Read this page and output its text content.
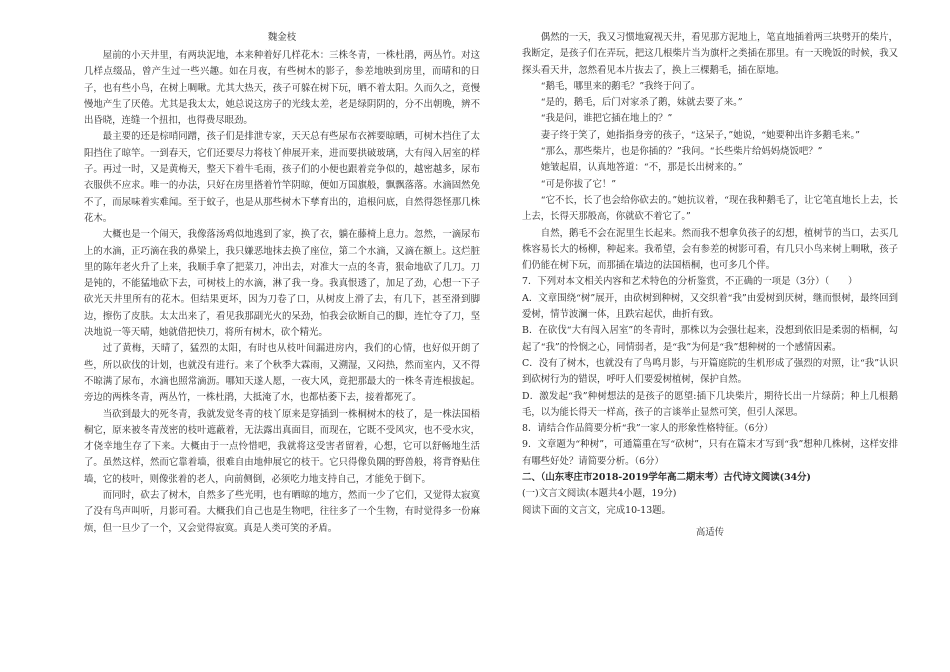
魏金枝

屋前的小天井里，有两块泥地，本来种着好几样花木：三株冬青，一株杜鹃，两丛竹。对这几样点缀品，曾产生过一些兴趣。如在月夜，有些树木的影子，参差地映到房里，而晴和的日子，也有些小鸟，在树上啁啾。尤其大热天，孩子可躲在树下玩，晒不着太阳。久而久之，竟慢慢地产生了厌倦。尤其是我太太，她总说这房子的光线太差，老是绿阴阴的，分不出朝晚，辨不出昏晓，连缝一个扭扣，也得费尽眼劲。

最主要的还是棕哨同蹭，孩子们是排泄专家，天天总有些尿布衣裤要晾晒，可树木挡住了太阳挡住了晾竿。一到春天，它们还要尽力将枝丫伸展开来，进而要拱破玻璃，大有闯入居室的样子。再过一时，又是黄梅天，整天下着牛毛雨，孩子们的小便也跟着竞争似的，越密越多，尿布衣服供不应求。唯一的办法，只好在房里搭着竹竿阴晾，便如万国旗般，飘飘落落。水滴固然免不了，而尿味着实难闻。至于蚊子，也是从那些树木下孳育出的，追根问底，自然得怨怪那几株花木。

大概也是一个闹天，我像落汤鸡似地逃到了家，换了衣，躺在藤椅上息力。忽然，一滴尿布上的水滴，正巧滴在我的鼻梁上，我只嫌恶地抹去换了座位，第二个水滴，又滴在额上。这烂脏里的陈年老火升了上来，我顺手拿了把菜刀，冲出去，对准大一点的冬青，狠命地砍了几刀。刀是钝的，不能猛地砍下去，可树枝上的水滴，淋了我一身。我真恨透了，加足了劲，心想一下子砍光天井里所有的花木。但结果更坏，因为刀卷了口，从树皮上滑了去，有几下，甚至滑到脚边，擦伤了皮肤。太太出来了，看见我那副光火的呆劲，怕我会砍断自己的脚，连忙夺了刀，坚决地说一等天晴，她就借把快刀，将所有树木，砍个精光。

过了黄梅，天晴了，猛烈的太阳，有时也从枝叶间漏进房内，我们的心情，也好似开朗了些，所以砍伐的计划，也就没有进行。来了个秋季大霖雨，又溯湿，又闷热，然而室内，又不得不晾满了尿布，水滴也照常滴沥。哪知天遂人愿，一夜大风，竟把那最大的一株冬青连根拔起。旁边的两株冬青，两丛竹，一株杜鹃，大抵淹了水，也都枯萎下去，接着都死了。

当砍到最大的死冬青，我就发觉冬青的枝丫原来是穿插到一株桐树木的枝了，是一株法国梧桐它，原来被冬青茂密的枝叶遮蔽着，无法露出真面目，而现在，它既不受风灾，也不受水灾，才侥幸地生存了下来。大概由于一点怜惜吧，我就将这受害者留着，心想，它可以舒畅地生活了。虽然这样，然而它靠着墙，很难自由地伸展它的枝干。它只得像负隅的野兽般，将背脊贴住墙，它的枝叶，则像张着的老人，向前侧倒，必须吃力地支持自己，才能免于倒下。

而同时，砍去了树木，自然多了些光明，也有晒晾的地方，然而一少了它们，又觉得太寂寞了没有鸟声叫听，月影可看。大概我们自己也是生物吧，往往多了一个生物，有时觉得多一份麻烦，但一旦少了一个，又会觉得寂寞。真是人类可笑的矛盾。

偶然的一天，我又习惯地窥视天井，看见那方泥地上，笔直地插着两三块劈开的柴片，我断定，是孩子们在弄玩，把这几根柴片当为旗杆之类插在那里。有一天晚饭的时候，我又探头看天井，忽然看见本片抜去了，换上三棵鹅毛，插在原地。

“鹅毛，哪里来的鹅毛？”我终于问了。

“是的，鹅毛，后门对家杀了鹅，妹就去要了来。”

“我是问，谁把它插在地上的？”

妻子终于笑了，她指指身旁的孩子，“这呆子，”她说，“她要种出许多鹅毛来。”

“那么，那些柴片，也是你插的？”我问。“长些柴片给妈妈烧饭吧？”

她皱起眉，认真地答道：“不，那是长出树来的。”

“可是你拔了它！”

“它不长，长了也会给你砍去的。”她抗议着，“现在我种鹅毛了，让它笔直地长上去，长上去，长得天那般高，你就砍不着它了。”

自然，鹅毛不会在泥里生长起来。然而我不想拿负孩子的幻想，植树节的当口，去买几株容易长大的杨柳，种起来。我希望，会有参差的树影可看，有几只小鸟来树上啁啾，孩子们仍能在树下玩，而那插在墙边的法国梧桐，也可多几个伴。

7．下列对本文相关内容和艺术特色的分析鉴赏，不正确的一项是（3分）（　　）

A．文章围绕“树”展开，由砍树到种树，又交织着“我”由爱树到厌树，继而恨树，最终回到爱树，情节波澜一体，且跌宕起伏，曲折有致。

B．在砍伐“大有闯入居室”的冬青时，那株以为会强壮起来，没想到依旧是柔弱的梧桐，勾起了“我”的怜悯之心，同情弱者，是“我”为何是“我”想种树的一个感情因素。

C．没有了树木，也就没有了鸟鸣月影，与开篇庭院的生机形成了强烈的对照，让“我”认识到砍树行为的错误，呼吁人们要爱树植树，保护自然。

D．激发起“我”种树想法的是孩子的愿望:插下几块柴片，期待长出一片绿荫；种上几根鹅毛，以为能长得天一样高，孩子的言谈举止显然可笑，但引人深思。

8．请结合作品简要分析“我”一家人的形象性格特征。（6分）

9．文章题为“种树”，可通篇重在写“砍树”，只有在篇末才写到“我”想种几株树，这样安排有哪些好处？请简要分析。（6分）

二、（山东枣庄市2018-2019学年高二期末考）古代诗文阅读(34分)

(一)文言文阅读(本题共4小题，19分)

阅读下面的文言文，完成10-13题。

高适传
